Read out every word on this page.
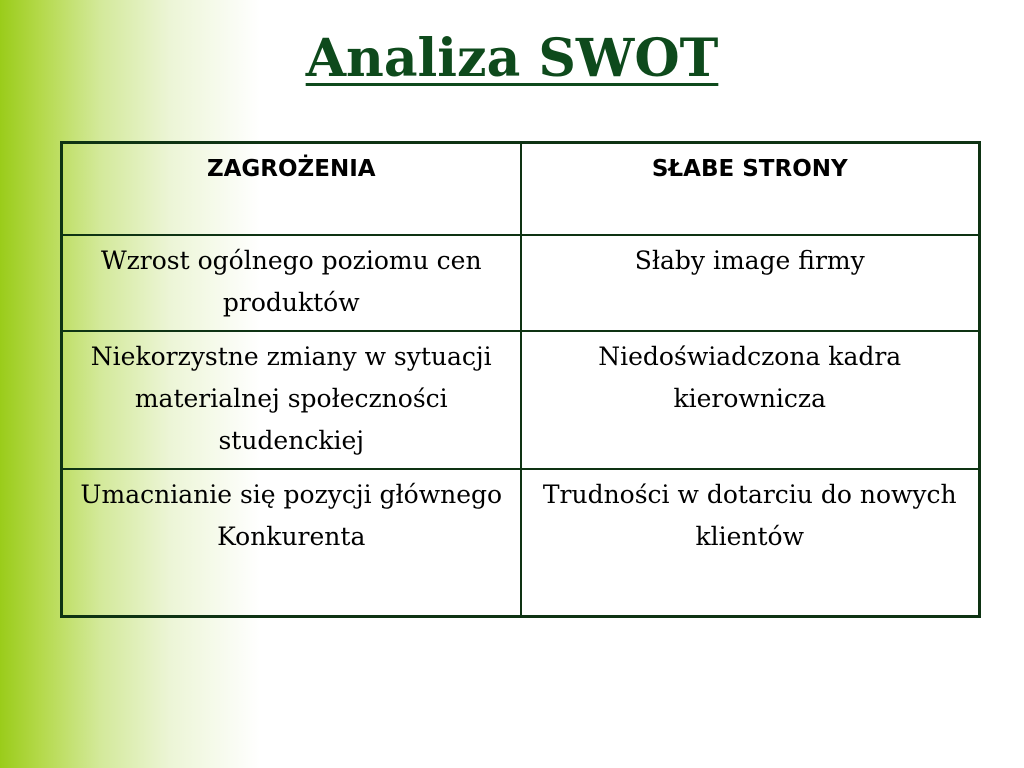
Analiza SWOT
ZAGROŻENIA	SŁABE STRONY
Wzrost ogólnego poziomu cen produktów	Słaby image firmy
Niekorzystne zmiany w sytuacji materialnej społeczności studenckiej	Niedoświadczona kadra kierownicza
Umacnianie się pozycji głównego Konkurenta	Trudności w dotarciu do nowych klientów
